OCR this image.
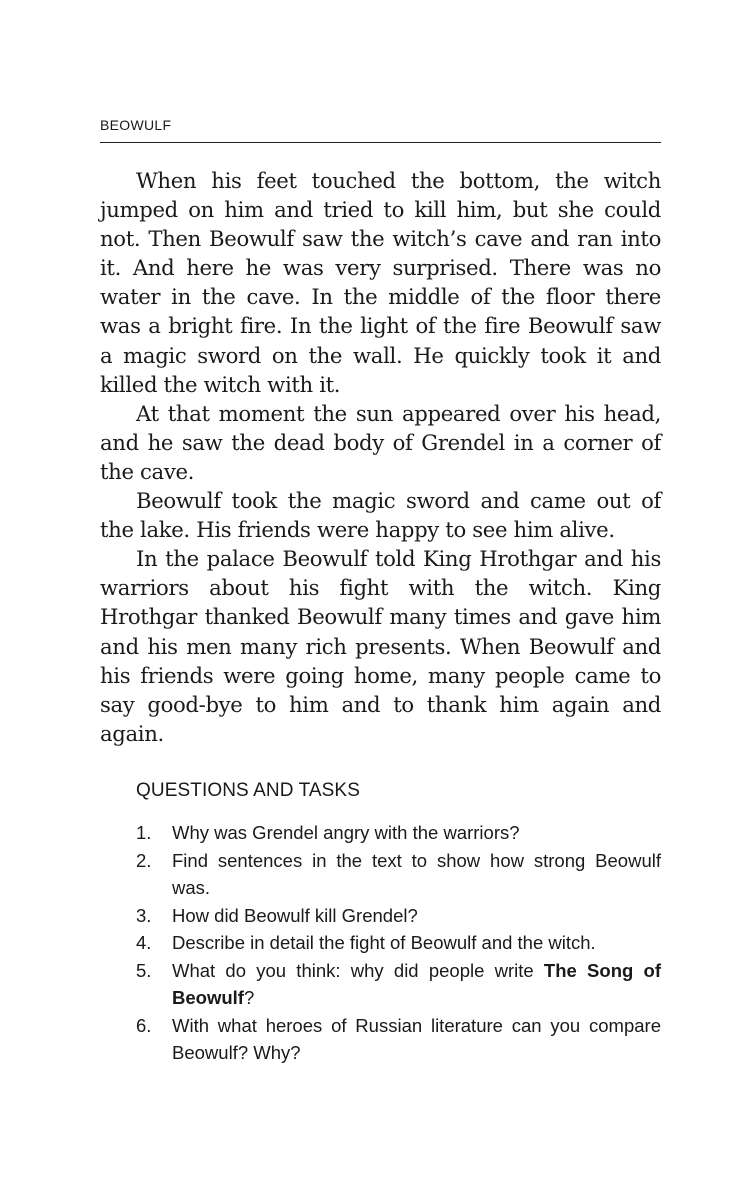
BEOWULF

When his feet touched the bottom, the witch jumped on him and tried to kill him, but she could not. Then Beowulf saw the witch’s cave and ran into it. And here he was very surprised. There was no water in the cave. In the middle of the floor there was a bright fire. In the light of the fire Beowulf saw a magic sword on the wall. He quickly took it and killed the witch with it.

At that moment the sun appeared over his head, and he saw the dead body of Grendel in a corner of the cave.

Beowulf took the magic sword and came out of the lake. His friends were happy to see him alive.

In the palace Beowulf told King Hrothgar and his warriors about his fight with the witch. King Hrothgar thanked Beowulf many times and gave him and his men many rich presents. When Beowulf and his friends were going home, many people came to say good-bye to him and to thank him again and again.

QUESTIONS AND TASKS
1. Why was Grendel angry with the warriors?
2. Find sentences in the text to show how strong Beowulf was.
3. How did Beowulf kill Grendel?
4. Describe in detail the fight of Beowulf and the witch.
5. What do you think: why did people write The Song of Beowulf?
6. With what heroes of Russian literature can you compare Beowulf? Why?
